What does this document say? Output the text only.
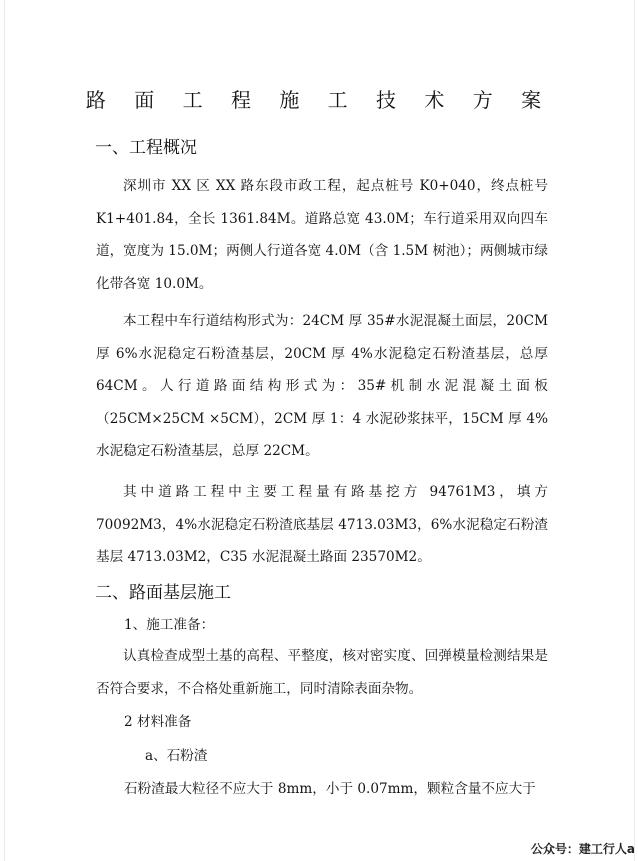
路 面 工 程 施 工 技 术 方 案
一、工程概况
深圳市 XX 区 XX 路东段市政工程，起点桩号 K0+040，终点桩号 K1+401.84，全长 1361.84M。道路总宽 43.0M；车行道采用双向四车道，宽度为 15.0M；两侧人行道各宽 4.0M（含 1.5M 树池）；两侧城市绿化带各宽 10.0M。
本工程中车行道结构形式为：24CM 厚 35#水泥混凝土面层，20CM 厚 6%水泥稳定石粉渣基层，20CM 厚 4%水泥稳定石粉渣基层，总厚 64CM。人行道路面结构形式为：35#机制水泥混凝土面板（25CM×25CM ×5CM），2CM 厚 1：4 水泥砂浆抹平，15CM 厚 4%水泥稳定石粉渣基层，总厚 22CM。
其中道路工程中主要工程量有路基挖方 94761M3，填方 70092M3，4%水泥稳定石粉渣底基层 4713.03M3，6%水泥稳定石粉渣基层 4713.03M2，C35 水泥混凝土路面 23570M2。
二、路面基层施工
1、施工准备：
认真检查成型土基的高程、平整度，核对密实度、回弹模量检测结果是否符合要求，不合格处重新施工，同时清除表面杂物。
2 材料准备
a、石粉渣
石粉渣最大粒径不应大于 8mm，小于 0.07mm，颗粒含量不应大于
公众号：建工行人a
